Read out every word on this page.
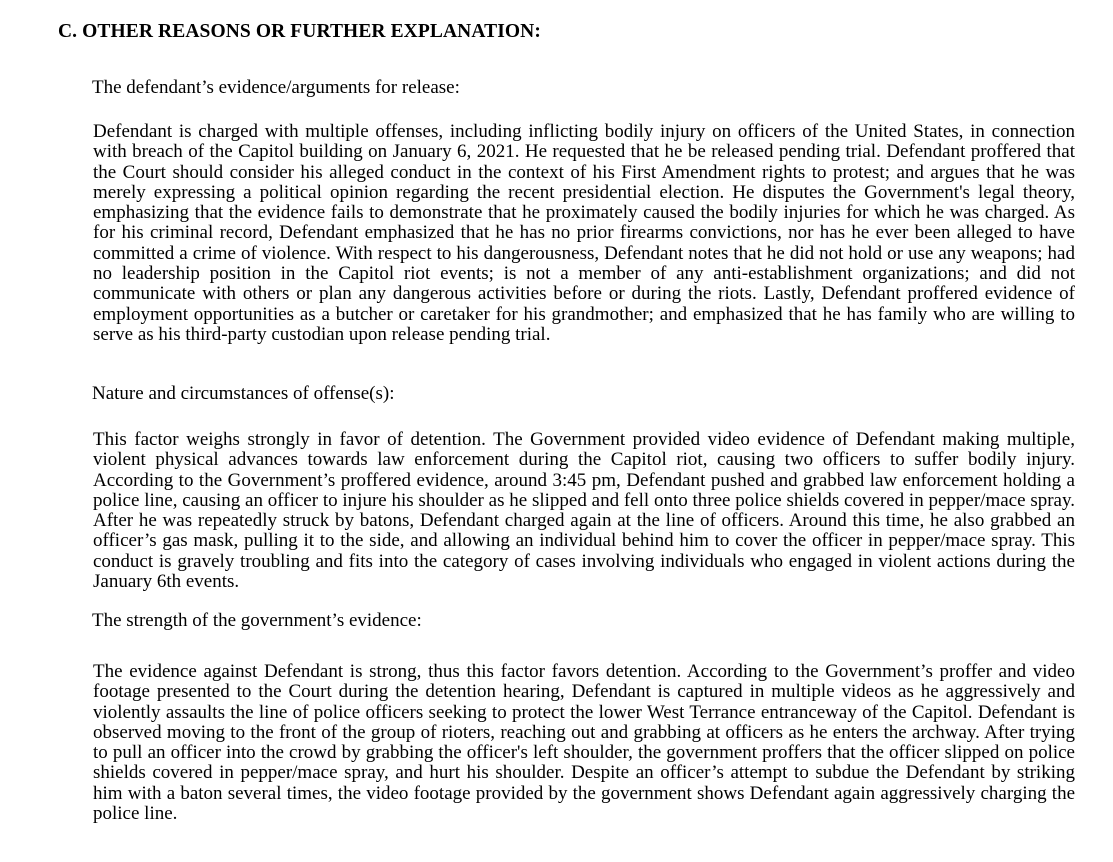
C. OTHER REASONS OR FURTHER EXPLANATION:
The defendant’s evidence/arguments for release:
Defendant is charged with multiple offenses, including inflicting bodily injury on officers of the United States, in connection with breach of the Capitol building on January 6, 2021. He requested that he be released pending trial. Defendant proffered that the Court should consider his alleged conduct in the context of his First Amendment rights to protest; and argues that he was merely expressing a political opinion regarding the recent presidential election. He disputes the Government's legal theory, emphasizing that the evidence fails to demonstrate that he proximately caused the bodily injuries for which he was charged. As for his criminal record, Defendant emphasized that he has no prior firearms convictions, nor has he ever been alleged to have committed a crime of violence. With respect to his dangerousness, Defendant notes that he did not hold or use any weapons; had no leadership position in the Capitol riot events; is not a member of any anti-establishment organizations; and did not communicate with others or plan any dangerous activities before or during the riots. Lastly, Defendant proffered evidence of employment opportunities as a butcher or caretaker for his grandmother; and emphasized that he has family who are willing to serve as his third-party custodian upon release pending trial.
Nature and circumstances of offense(s):
This factor weighs strongly in favor of detention. The Government provided video evidence of Defendant making multiple, violent physical advances towards law enforcement during the Capitol riot, causing two officers to suffer bodily injury. According to the Government’s proffered evidence, around 3:45 pm, Defendant pushed and grabbed law enforcement holding a police line, causing an officer to injure his shoulder as he slipped and fell onto three police shields covered in pepper/mace spray. After he was repeatedly struck by batons, Defendant charged again at the line of officers. Around this time, he also grabbed an officer’s gas mask, pulling it to the side, and allowing an individual behind him to cover the officer in pepper/mace spray. This conduct is gravely troubling and fits into the category of cases involving individuals who engaged in violent actions during the January 6th events.
The strength of the government’s evidence:
The evidence against Defendant is strong, thus this factor favors detention. According to the Government’s proffer and video footage presented to the Court during the detention hearing, Defendant is captured in multiple videos as he aggressively and violently assaults the line of police officers seeking to protect the lower West Terrance entranceway of the Capitol. Defendant is observed moving to the front of the group of rioters, reaching out and grabbing at officers as he enters the archway. After trying to pull an officer into the crowd by grabbing the officer's left shoulder, the government proffers that the officer slipped on police shields covered in pepper/mace spray, and hurt his shoulder. Despite an officer’s attempt to subdue the Defendant by striking him with a baton several times, the video footage provided by the government shows Defendant again aggressively charging the police line.
